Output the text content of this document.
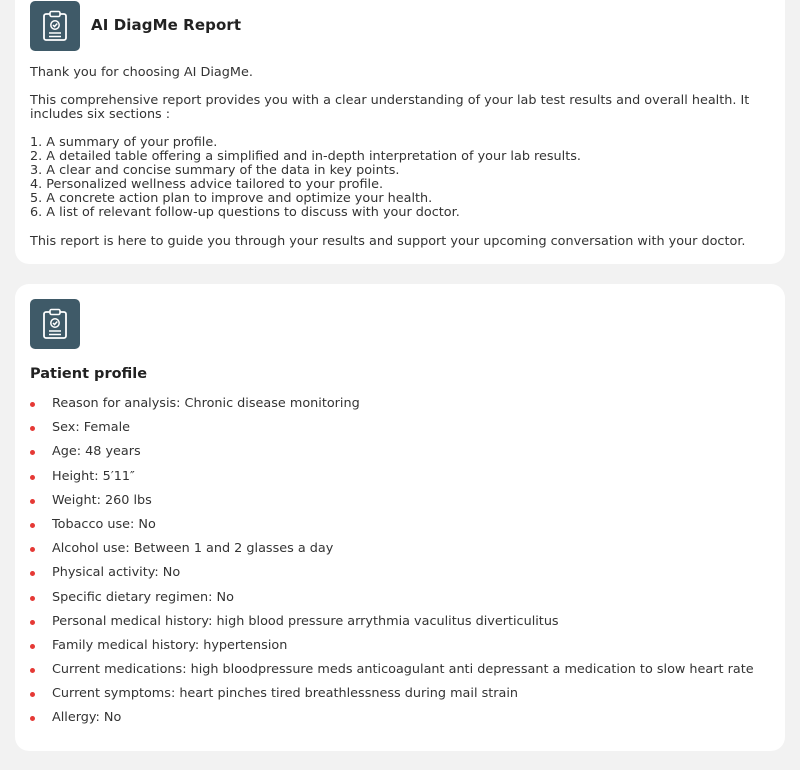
AI DiagMe Report
Thank you for choosing AI DiagMe.
This comprehensive report provides you with a clear understanding of your lab test results and overall health. It includes six sections :
1. A summary of your profile.
2. A detailed table offering a simplified and in-depth interpretation of your lab results.
3. A clear and concise summary of the data in key points.
4. Personalized wellness advice tailored to your profile.
5. A concrete action plan to improve and optimize your health.
6. A list of relevant follow-up questions to discuss with your doctor.
This report is here to guide you through your results and support your upcoming conversation with your doctor.
Patient profile
Reason for analysis: Chronic disease monitoring
Sex: Female
Age: 48 years
Height: 5′11″
Weight: 260 lbs
Tobacco use: No
Alcohol use: Between 1 and 2 glasses a day
Physical activity: No
Specific dietary regimen: No
Personal medical history: high blood pressure arrythmia vaculitus diverticulitus
Family medical history: hypertension
Current medications: high bloodpressure meds anticoagulant anti depressant a medication to slow heart rate
Current symptoms: heart pinches tired breathlessness during mail strain
Allergy: No
